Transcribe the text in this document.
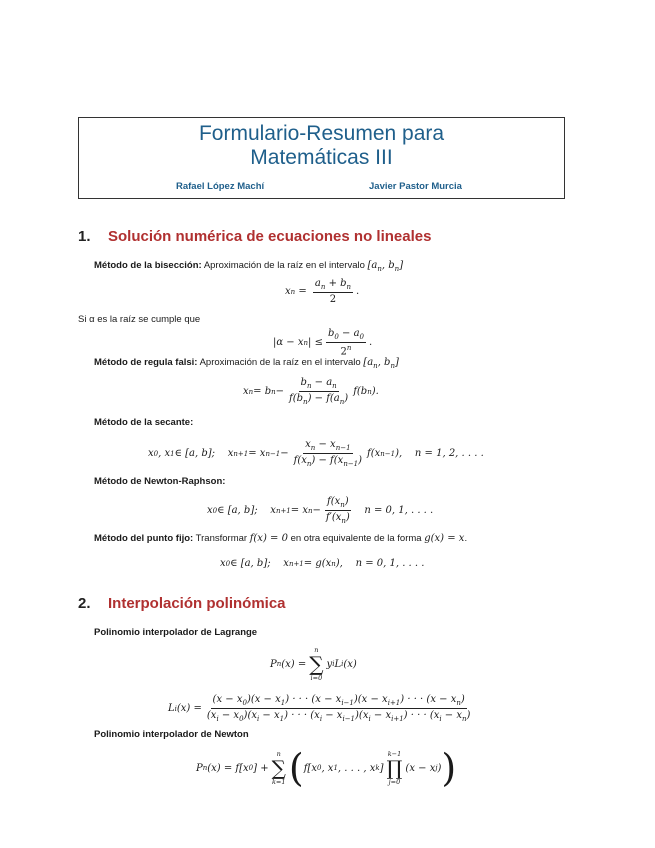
Formulario-Resumen para
Matemáticas III
Rafael López Machí	Javier Pastor Murcia
1. Solución numérica de ecuaciones no lineales
Método de la bisección: Aproximación de la raíz en el intervalo [$a_n$, $b_n$]
x $n = \frac{a_n + b_n}{2}$ .
Si α es la raíz se cumple que
|α − x n | ≤ $\frac{b_0 - a_0}{2^n}$ .
Método de regula falsi: Aproximación de la raíz en el intervalo [$a_n$, $b_n$]
x n = b $n - \frac{b_n - a_n}{f(b_n) - f(a_n)} f(b$ n ).
Método de la secante:
x 0 , x 1 ∈ [a, b];    x n+1 = x $n-1 - \frac{x_n - x_{n-1}}{f(x_n) - f(x_{n-1})} f(x$ n−1 ),    n = 1, 2, . . . .
Método de Newton-Raphson:
x 0 ∈ [a, b];    x n+1 = x $n - \frac{f(x_n)}{f'(x_n)}$ n = 0, 1, . . . .
Método del punto fijo: Transformar f(x) = 0 en otra equivalente de la forma g(x) = x.
x 0 ∈ [a, b];    x n+1 = g(x n ),    n = 0, 1, . . . .
2. Interpolación polinómica
Polinomio interpolador de Lagrange
P n (x) =
n
∑
i=0
y i L i (x)
L i (x) =
$(x - x_0)(x - x_1)$ · · · $(x - x_{i-1})(x - x_{i+1})$ · · · $(x - x_n)$
$(x_i - x_0)(x_i - x_1)$ · · · $(x_i - x_{i-1})(x_i - x_{i+1})$ · · · $(x_i - x_n)$
Polinomio interpolador de Newton
P n (x) = f[x 0 ] +
n
∑
k=1 ( f[x 0 , x 1 , . . . , x k ]
k−1
∏
j=0
(x − x j ) )
